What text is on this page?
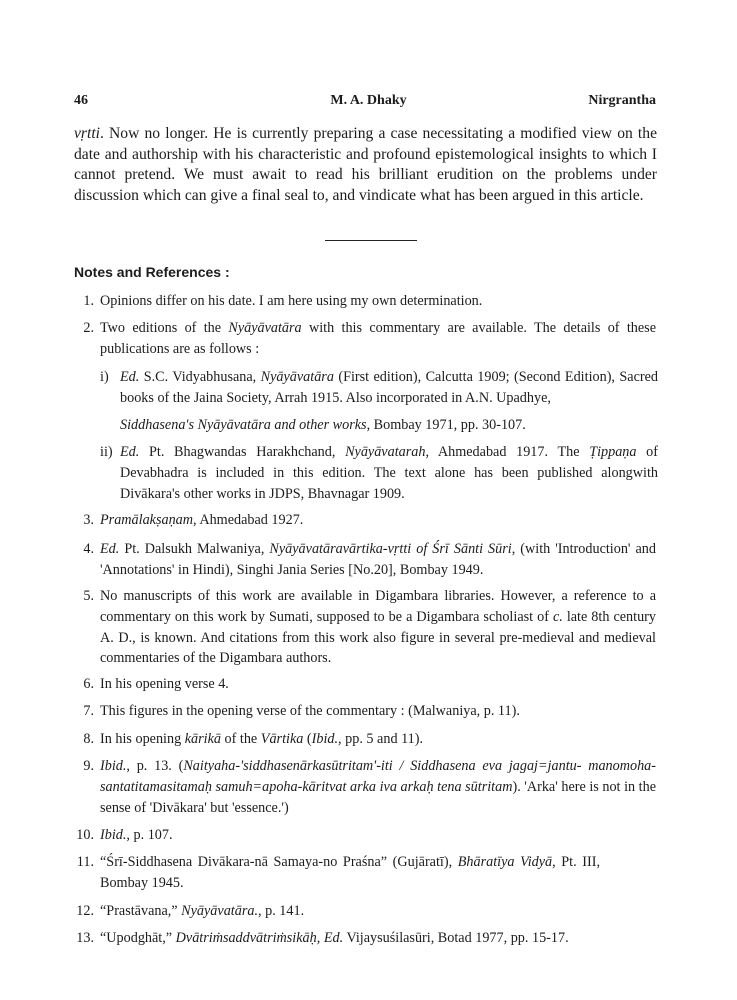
46	M. A. Dhaky	Nirgrantha
vṛtti. Now no longer. He is currently preparing a case necessitating a modified view on the date and authorship with his characteristic and profound epistemological insights to which I cannot pretend. We must await to read his brilliant erudition on the problems under discussion which can give a final seal to, and vindicate what has been argued in this article.
Notes and References :
1. Opinions differ on his date. I am here using my own determination.
2. Two editions of the Nyāyāvatāra with this commentary are available. The details of these publications are as follows :
i) Ed. S.C. Vidyabhusana, Nyāyāvatāra (First edition), Calcutta 1909; (Second Edition), Sacred books of the Jaina Society, Arrah 1915. Also incorporated in A.N. Upadhye,
Siddhasena's Nyāyāvatāra and other works, Bombay 1971, pp. 30-107.
ii) Ed. Pt. Bhagwandas Harakhchand, Nyāyāvatarah, Ahmedabad 1917. The Ṭippaṇa of Devabhadra is included in this edition. The text alone has been published alongwith Divākara's other works in JDPS, Bhavnagar 1909.
3. Pramālakṣaṇam, Ahmedabad 1927.
4. Ed. Pt. Dalsukh Malwaniya, Nyāyāvatāravārtika-vṛtti of Śrī Sānti Sūri, (with 'Introduction' and 'Annotations' in Hindi), Singhi Jania Series [No.20], Bombay 1949.
5. No manuscripts of this work are available in Digambara libraries. However, a reference to a commentary on this work by Sumati, supposed to be a Digambara scholiast of c. late 8th century A. D., is known. And citations from this work also figure in several pre-medieval and medieval commentaries of the Digambara authors.
6. In his opening verse 4.
7. This figures in the opening verse of the commentary : (Malwaniya, p. 11).
8. In his opening kārikā of the Vārtika (Ibid., pp. 5 and 11).
9. Ibid., p. 13. (Naityaha-'siddhasenārkasūtritam'-iti / Siddhasena eva jagaj=jantu- manomoha-santatitamasitamaḥ samuh=apoha-kāritvat arka iva arkaḥ tena sūtritam). 'Arka' here is not in the sense of 'Divākara' but 'essence.')
10. Ibid., p. 107.
11. “Śrī-Siddhasena Divākara-nā Samaya-no Praśna” (Gujāratī), Bhāratīya Vidyā, Pt. III, Bombay 1945.
12. “Prastāvana,” Nyāyāvatāra., p. 141.
13. “Upodghāt,” Dvātriṁsaddvātriṁsikāḥ, Ed. Vijaysuśilasūri, Botad 1977, pp. 15-17.
